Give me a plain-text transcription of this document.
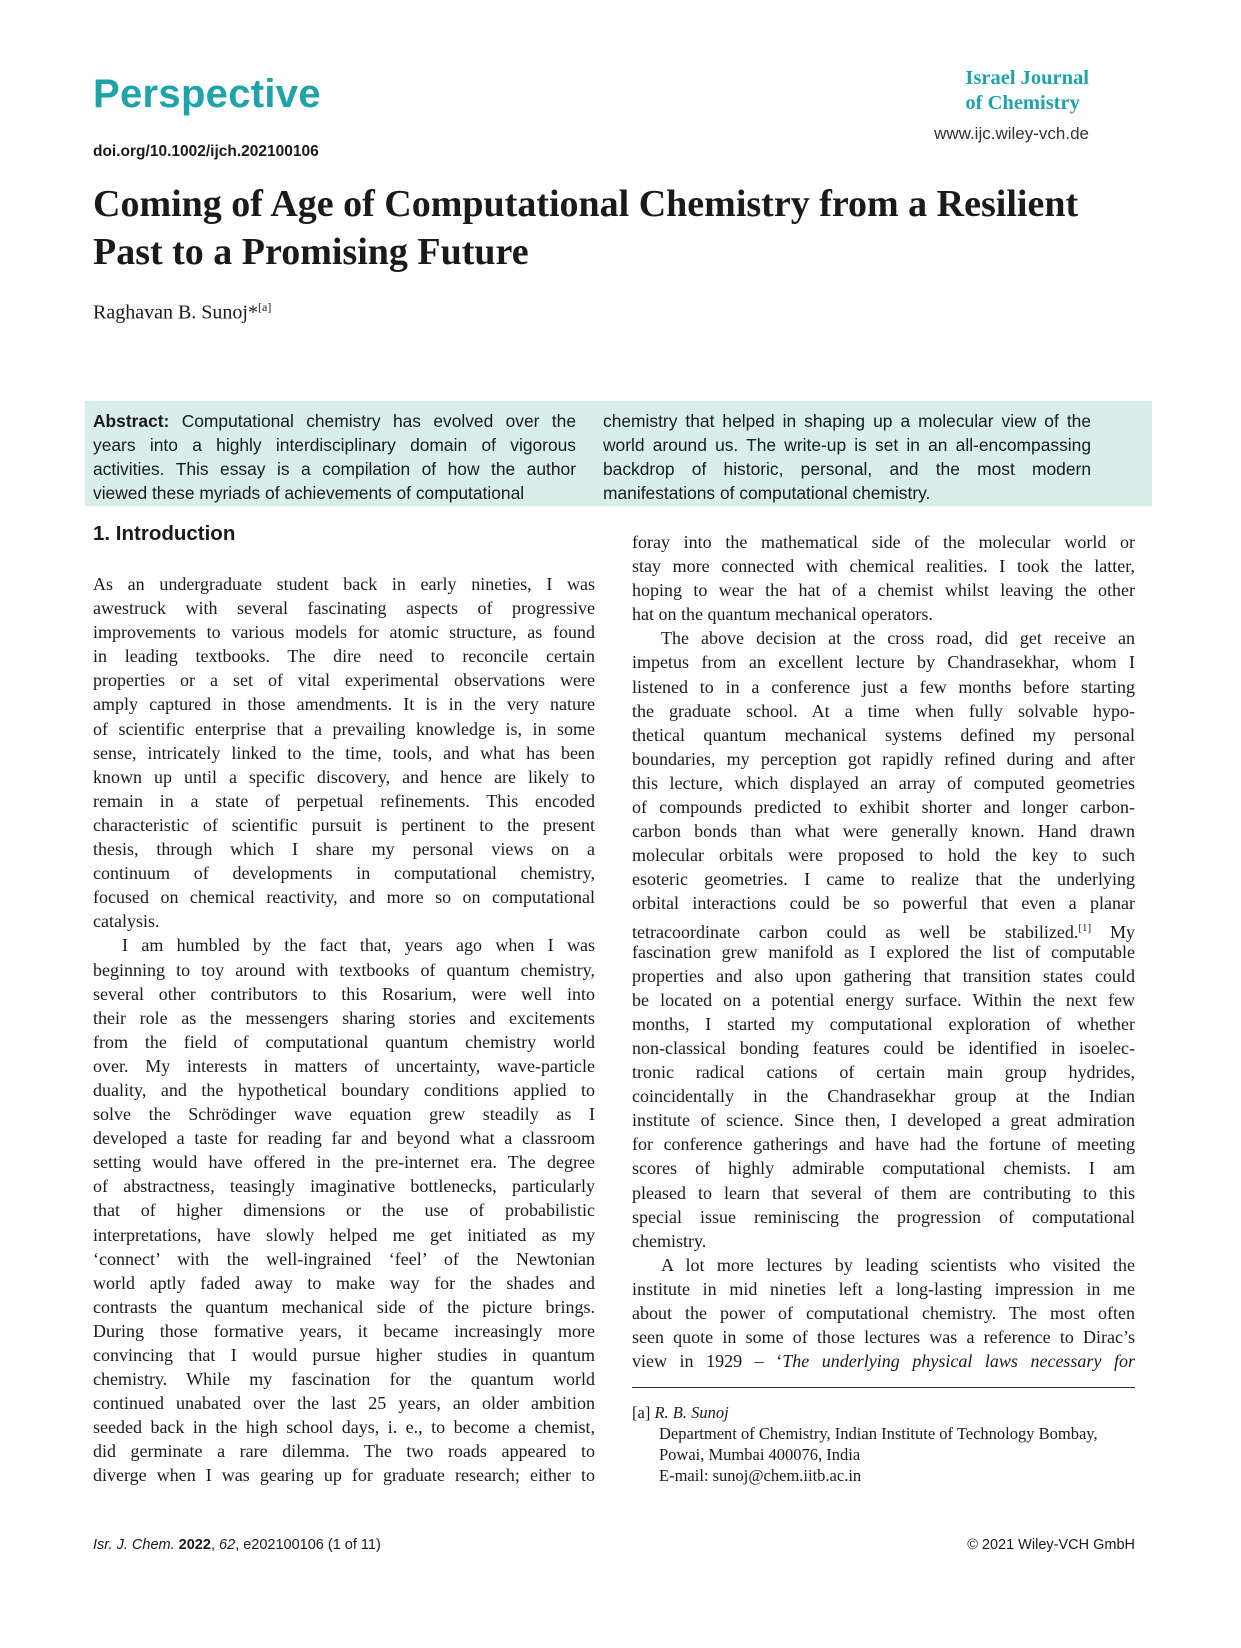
Perspective
doi.org/10.1002/ijch.202100106
Israel Journal
of Chemistry
www.ijc.wiley-vch.de
Coming of Age of Computational Chemistry from a Resilient
Past to a Promising Future
Raghavan B. Sunoj*[a]
Abstract: Computational chemistry has evolved over the
years into a highly interdisciplinary domain of vigorous
activities. This essay is a compilation of how the author
viewed these myriads of achievements of computational
chemistry that helped in shaping up a molecular view of the
world around us. The write-up is set in an all-encompassing
backdrop of historic, personal, and the most modern
manifestations of computational chemistry.
1. Introduction
As an undergraduate student back in early nineties, I was
awestruck with several fascinating aspects of progressive
improvements to various models for atomic structure, as found
in leading textbooks. The dire need to reconcile certain
properties or a set of vital experimental observations were
amply captured in those amendments. It is in the very nature
of scientific enterprise that a prevailing knowledge is, in some
sense, intricately linked to the time, tools, and what has been
known up until a specific discovery, and hence are likely to
remain in a state of perpetual refinements. This encoded
characteristic of scientific pursuit is pertinent to the present
thesis, through which I share my personal views on a
continuum of developments in computational chemistry,
focused on chemical reactivity, and more so on computational
catalysis.
I am humbled by the fact that, years ago when I was
beginning to toy around with textbooks of quantum chemistry,
several other contributors to this Rosarium, were well into
their role as the messengers sharing stories and excitements
from the field of computational quantum chemistry world
over. My interests in matters of uncertainty, wave-particle
duality, and the hypothetical boundary conditions applied to
solve the Schrödinger wave equation grew steadily as I
developed a taste for reading far and beyond what a classroom
setting would have offered in the pre-internet era. The degree
of abstractness, teasingly imaginative bottlenecks, particularly
that of higher dimensions or the use of probabilistic
interpretations, have slowly helped me get initiated as my
‘connect’ with the well-ingrained ‘feel’ of the Newtonian
world aptly faded away to make way for the shades and
contrasts the quantum mechanical side of the picture brings.
During those formative years, it became increasingly more
convincing that I would pursue higher studies in quantum
chemistry. While my fascination for the quantum world
continued unabated over the last 25 years, an older ambition
seeded back in the high school days, i. e., to become a chemist,
did germinate a rare dilemma. The two roads appeared to
diverge when I was gearing up for graduate research; either to
foray into the mathematical side of the molecular world or
stay more connected with chemical realities. I took the latter,
hoping to wear the hat of a chemist whilst leaving the other
hat on the quantum mechanical operators.
The above decision at the cross road, did get receive an
impetus from an excellent lecture by Chandrasekhar, whom I
listened to in a conference just a few months before starting
the graduate school. At a time when fully solvable hypo-
thetical quantum mechanical systems defined my personal
boundaries, my perception got rapidly refined during and after
this lecture, which displayed an array of computed geometries
of compounds predicted to exhibit shorter and longer carbon-
carbon bonds than what were generally known. Hand drawn
molecular orbitals were proposed to hold the key to such
esoteric geometries. I came to realize that the underlying
orbital interactions could be so powerful that even a planar
tetracoordinate carbon could as well be stabilized.[1] My
fascination grew manifold as I explored the list of computable
properties and also upon gathering that transition states could
be located on a potential energy surface. Within the next few
months, I started my computational exploration of whether
non-classical bonding features could be identified in isoelec-
tronic radical cations of certain main group hydrides,
coincidentally in the Chandrasekhar group at the Indian
institute of science. Since then, I developed a great admiration
for conference gatherings and have had the fortune of meeting
scores of highly admirable computational chemists. I am
pleased to learn that several of them are contributing to this
special issue reminiscing the progression of computational
chemistry.
A lot more lectures by leading scientists who visited the
institute in mid nineties left a long-lasting impression in me
about the power of computational chemistry. The most often
seen quote in some of those lectures was a reference to Dirac’s
view in 1929 – ‘The underlying physical laws necessary for
[a] R. B. Sunoj
Department of Chemistry, Indian Institute of Technology Bombay,
Powai, Mumbai 400076, India
E-mail: sunoj@chem.iitb.ac.in
Isr. J. Chem. 2022, 62, e202100106 (1 of 11)	© 2021 Wiley-VCH GmbH
